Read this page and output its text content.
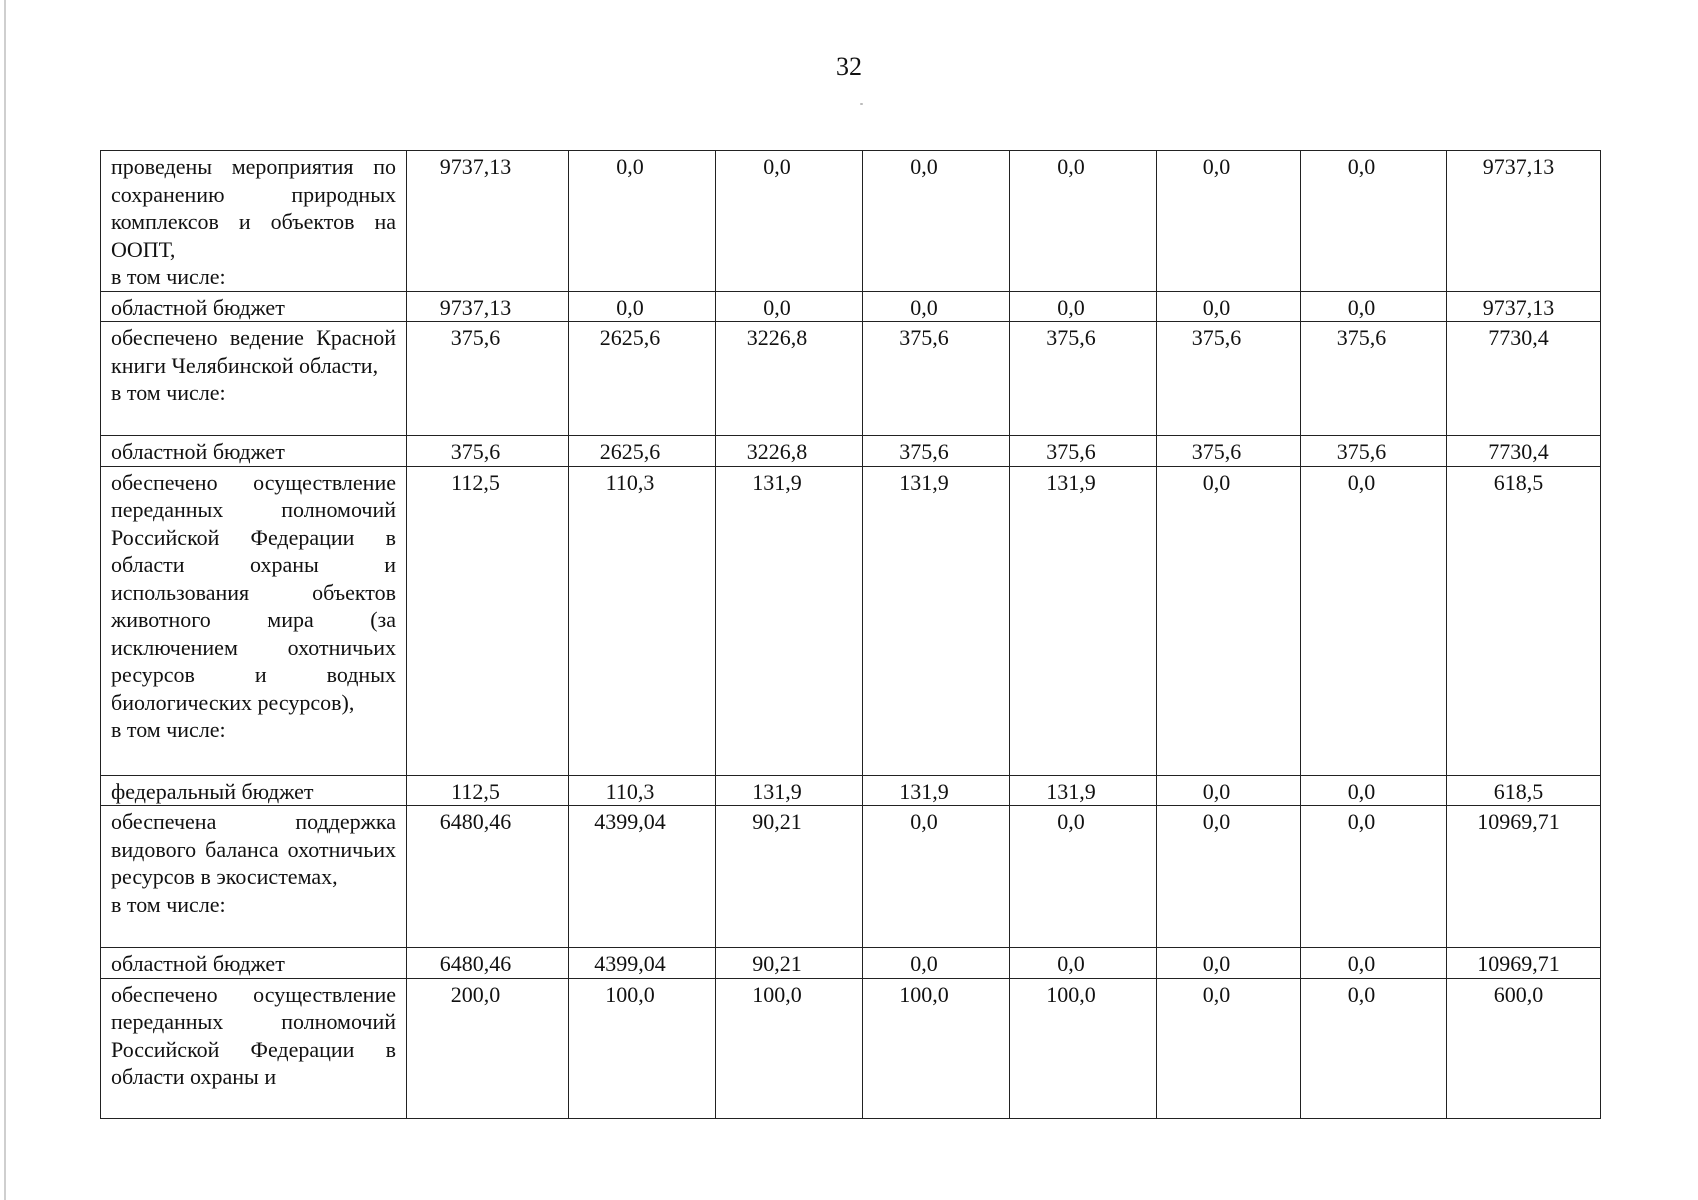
32
проведены мероприятия по сохранению природных комплексов и объектов на ООПТ,
в том числе:	9737,13	0,0	0,0	0,0	0,0	0,0	0,0	9737,13

областной бюджет	9737,13	0,0	0,0	0,0	0,0	0,0	0,0	9737,13

обеспечено ведение Красной книги Челябинской области,
в том числе:	375,6	2625,6	3226,8	375,6	375,6	375,6	375,6	7730,4

областной бюджет	375,6	2625,6	3226,8	375,6	375,6	375,6	375,6	7730,4

обеспечено осуществление переданных полномочий Российской Федерации в области охраны и использования объектов животного мира (за исключением охотничьих ресурсов и водных биологических ресурсов),
в том числе:	112,5	110,3	131,9	131,9	131,9	0,0	0,0	618,5

федеральный бюджет	112,5	110,3	131,9	131,9	131,9	0,0	0,0	618,5

обеспечена поддержка видового баланса охотничьих ресурсов в экосистемах,
в том числе:	6480,46	4399,04	90,21	0,0	0,0	0,0	0,0	10969,71

областной бюджет	6480,46	4399,04	90,21	0,0	0,0	0,0	0,0	10969,71

обеспечено осуществление переданных полномочий Российской Федерации в области охраны и	200,0	100,0	100,0	100,0	100,0	0,0	0,0	600,0
